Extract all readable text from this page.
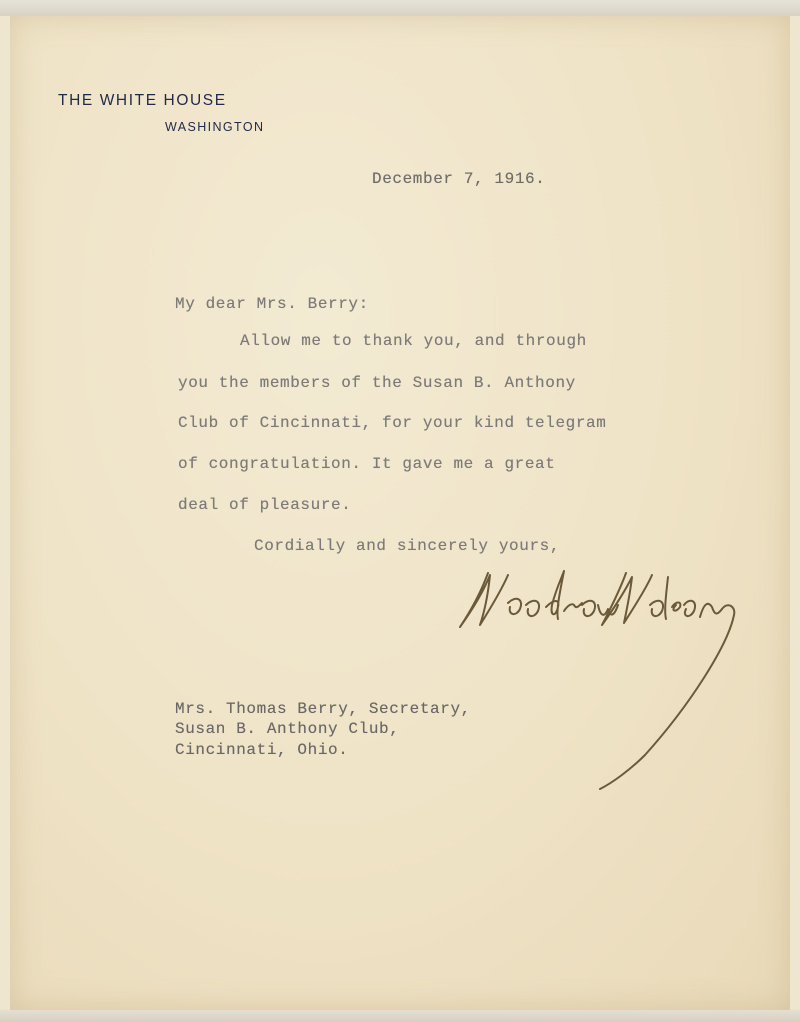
THE WHITE HOUSE
WASHINGTON
December 7, 1916.
My dear Mrs. Berry:
Allow me to thank you, and through
you the members of the Susan B. Anthony
Club of Cincinnati, for your kind telegram
of congratulation. It gave me a great
deal of pleasure.
Cordially and sincerely yours,
Mrs. Thomas Berry, Secretary,
Susan B. Anthony Club,
Cincinnati, Ohio.
